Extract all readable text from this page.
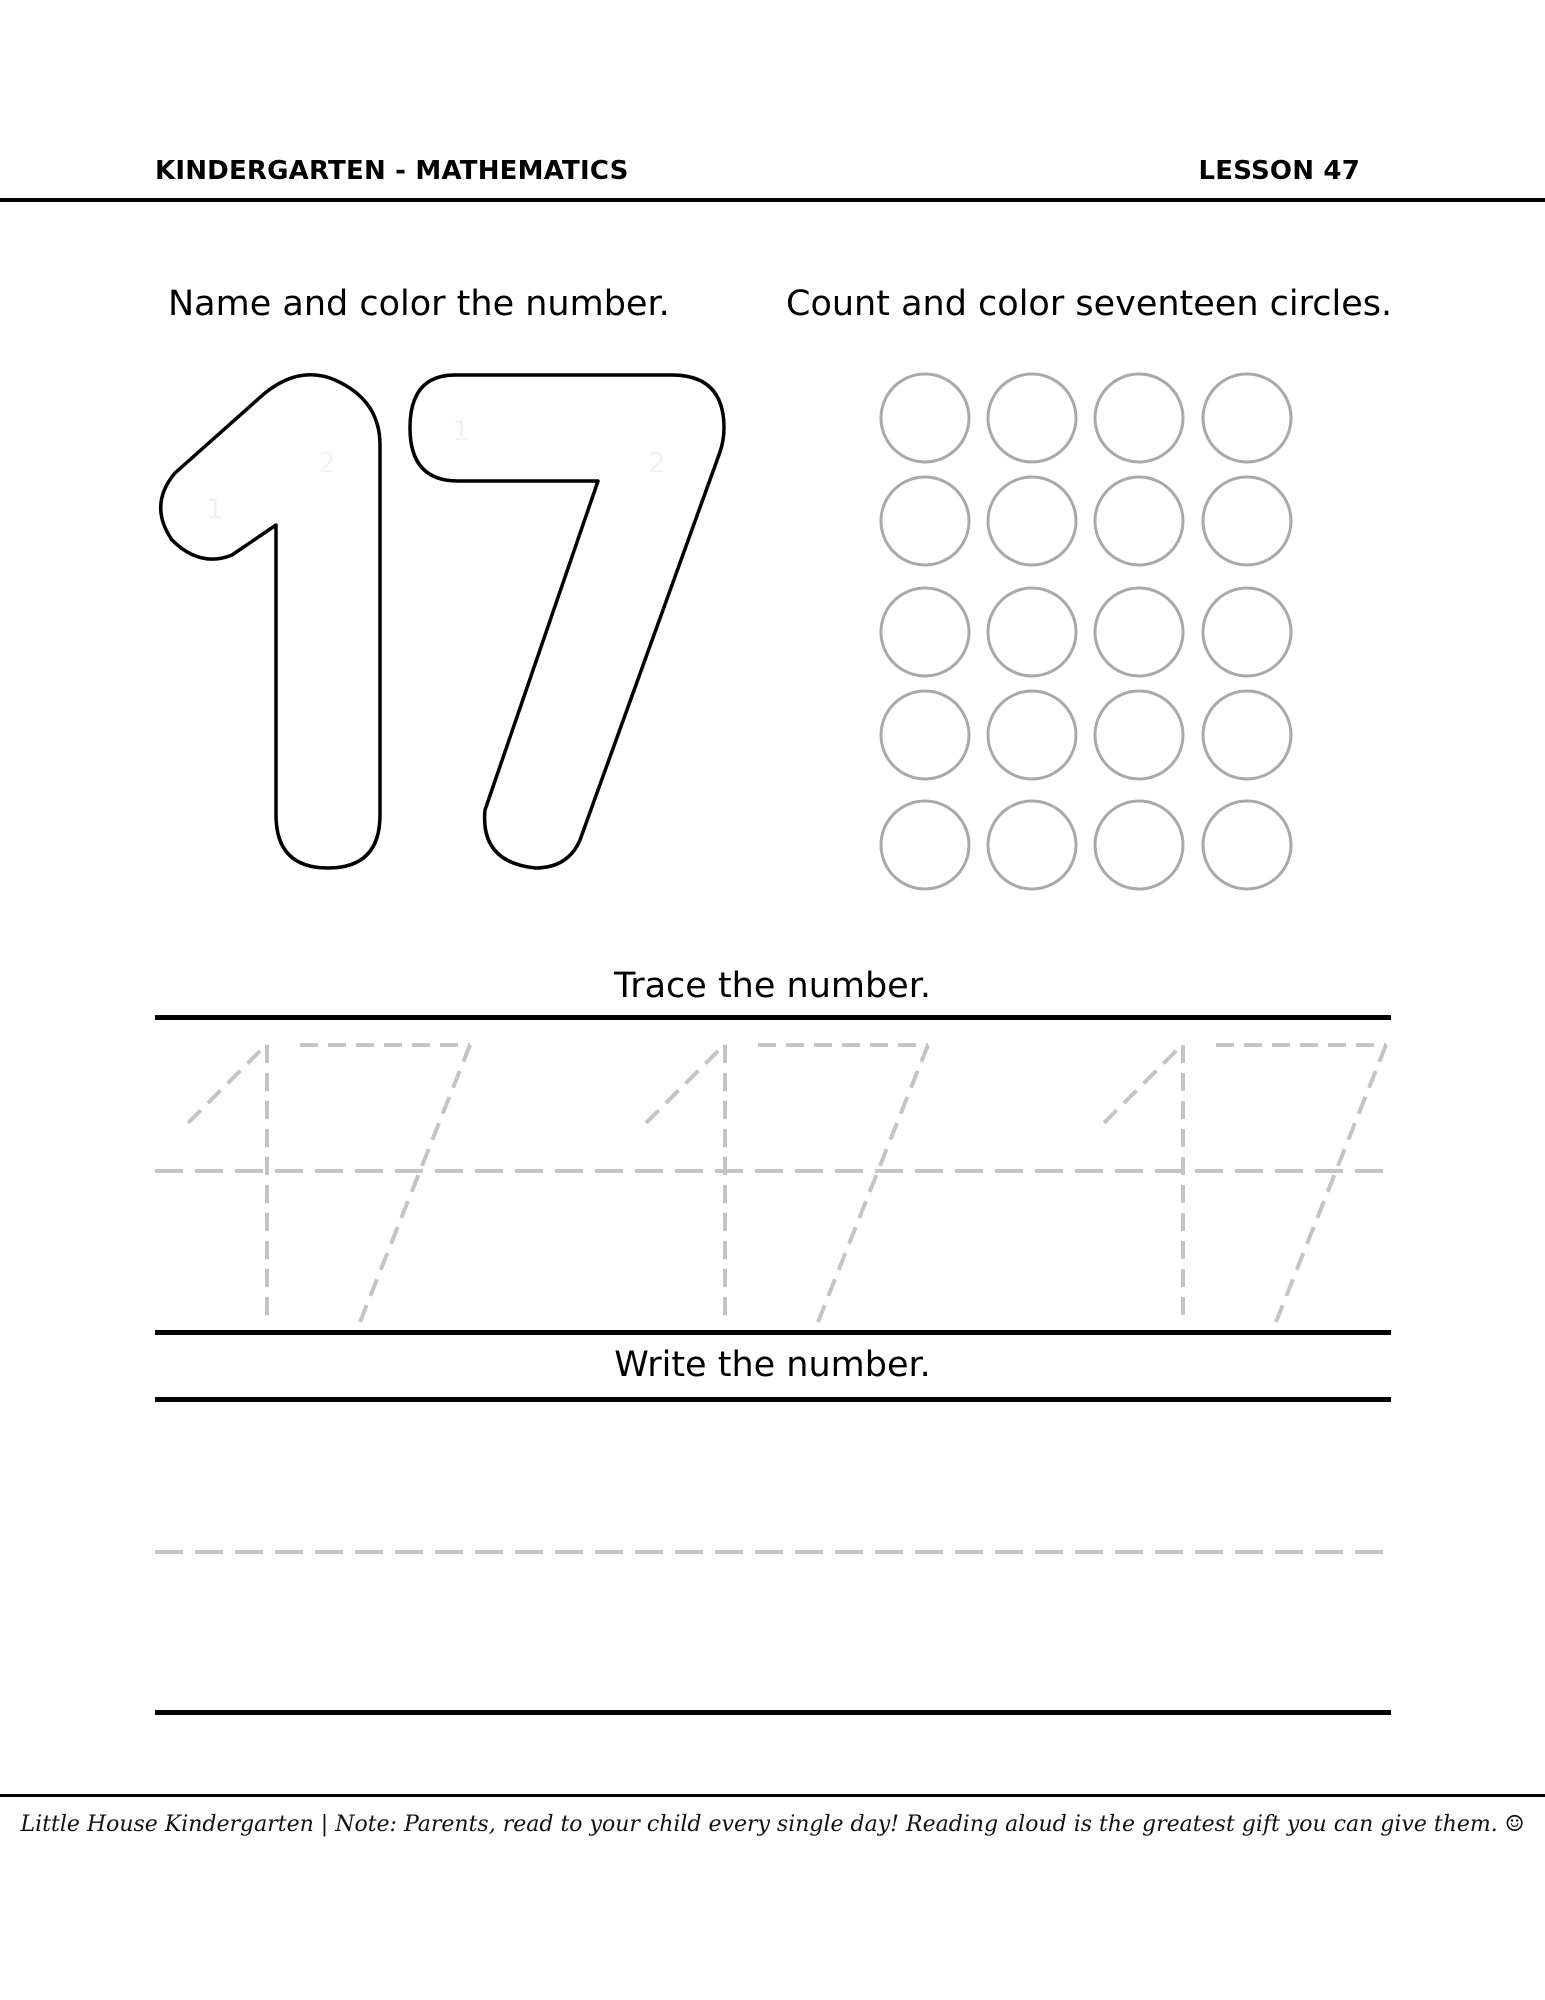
KINDERGARTEN - MATHEMATICS	LESSON 47
Name and color the number.	Count and color seventeen circles.
1
2
1
2
Trace the number.
Write the number.
Little House Kindergarten | Note: Parents, read to your child every single day! Reading aloud is the greatest gift you can give them. ☺
